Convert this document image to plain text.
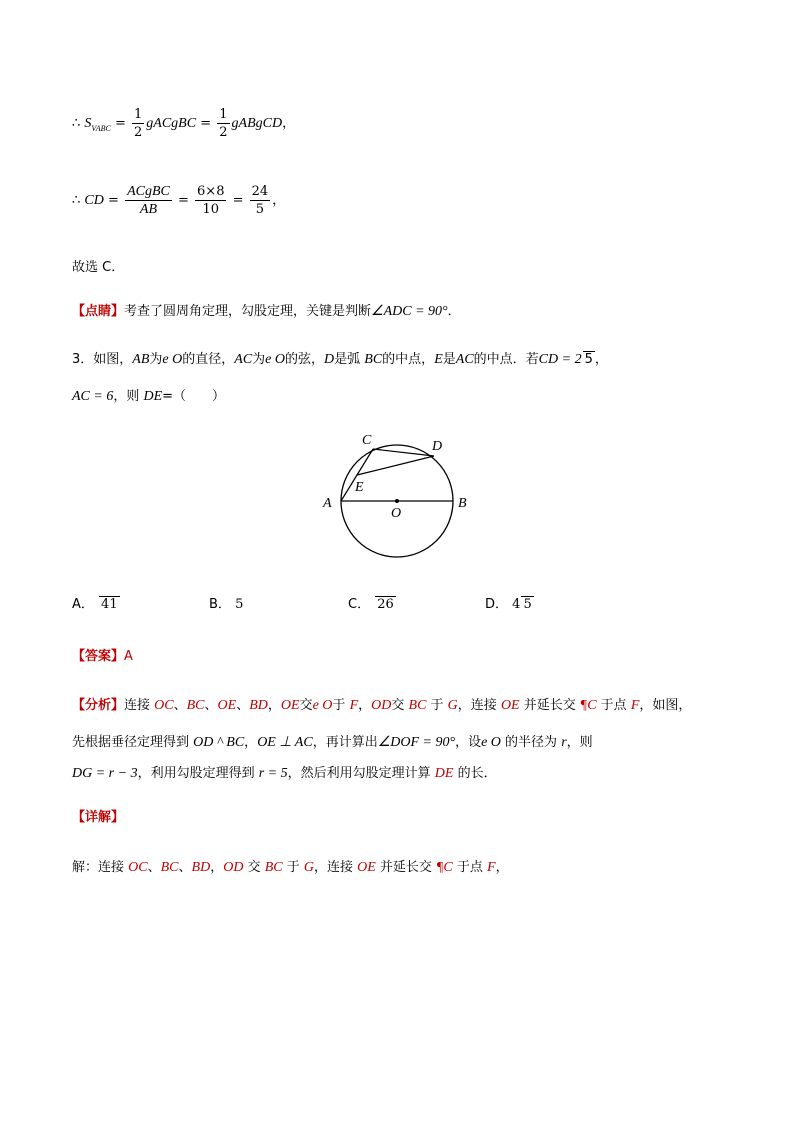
∴ $S_{VABC} = \frac{1}{2}$ gACgBC = $\frac{1}{2}$ gABgCD，
∴ CD = $\frac{\text{ACgBC}}{AB} = \frac{6\times 8}{10} = \frac{24}{5}$ ，
故选 C．
【点睛】考查了圆周角定理，勾股定理，关键是判断∠ADC = 90°．
3．如图，AB为e O的直径，AC为e O的弦，D是弧 BC的中点，E是AC的中点．若CD = 2 5 ，
AC = 6，则 DE=（　　）
C	D
E
A
O
B
A． 41	B． 5	C． 26	D． 4 5
【答案】A
【分析】连接 OC、BC、OE、BD，OE交e O于 F，OD交 BC 于 G，连接 OE 并延长交 ¶C 于点 F，如图，
先根据垂径定理得到 OD ^ BC，OE ⊥ AC，再计算出∠DOF = 90°，设e O 的半径为 r，则
DG = r − 3，利用勾股定理得到 r = 5，然后利用勾股定理计算 DE 的长．
【详解】
解：连接 OC、BC、BD，OD 交 BC 于 G，连接 OE 并延长交 ¶C 于点 F，
